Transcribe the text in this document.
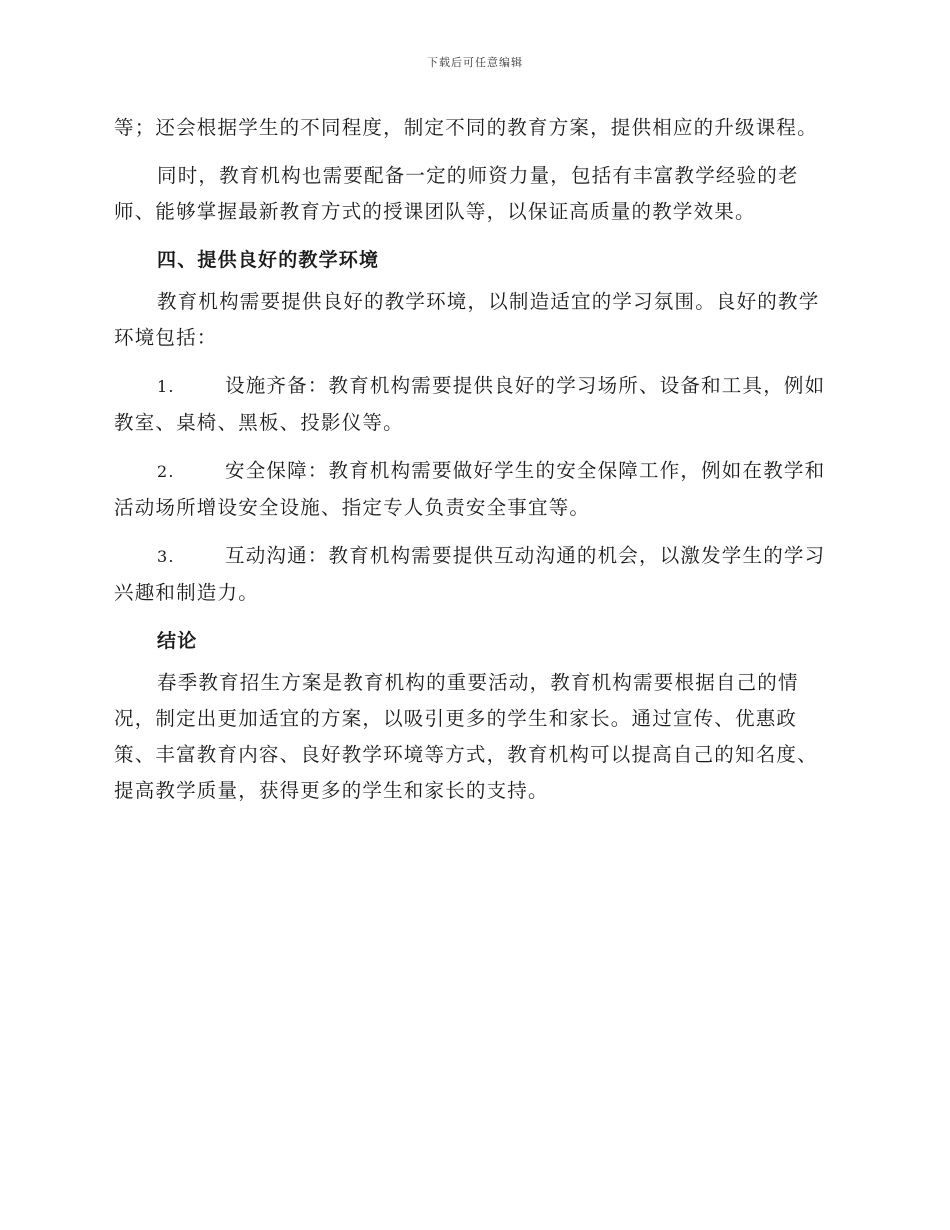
下载后可任意编辑

等；还会根据学生的不同程度，制定不同的教育方案，提供相应的升级课程。

同时，教育机构也需要配备一定的师资力量，包括有丰富教学经验的老师、能够掌握最新教育方式的授课团队等，以保证高质量的教学效果。

四、提供良好的教学环境

教育机构需要提供良好的教学环境，以制造适宜的学习氛围。良好的教学环境包括：

1.	设施齐备：教育机构需要提供良好的学习场所、设备和工具，例如教室、桌椅、黑板、投影仪等。
2.	安全保障：教育机构需要做好学生的安全保障工作，例如在教学和活动场所增设安全设施、指定专人负责安全事宜等。
3.	互动沟通：教育机构需要提供互动沟通的机会，以激发学生的学习兴趣和制造力。
结论

春季教育招生方案是教育机构的重要活动，教育机构需要根据自己的情况，制定出更加适宜的方案，以吸引更多的学生和家长。通过宣传、优惠政策、丰富教育内容、良好教学环境等方式，教育机构可以提高自己的知名度、提高教学质量，获得更多的学生和家长的支持。
